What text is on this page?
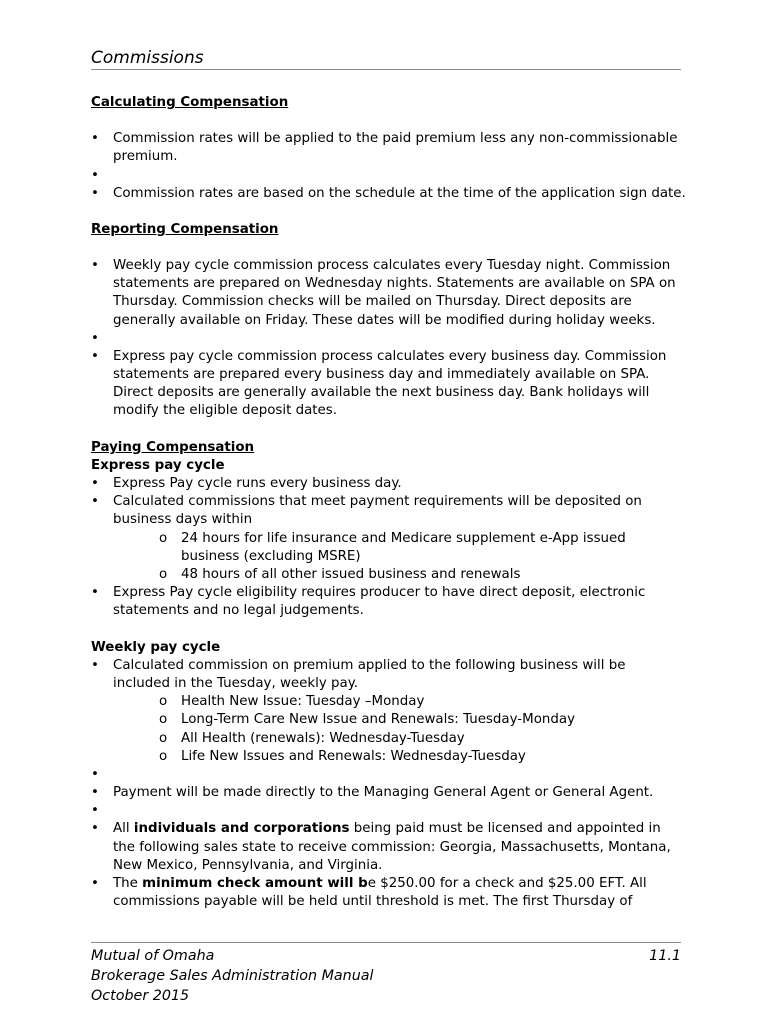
Commissions
Calculating Compensation
• Commission rates will be applied to the paid premium less any non-commissionable premium.
•
• Commission rates are based on the schedule at the time of the application sign date.
Reporting Compensation
• Weekly pay cycle commission process calculates every Tuesday night. Commission statements are prepared on Wednesday nights. Statements are available on SPA on Thursday. Commission checks will be mailed on Thursday. Direct deposits are generally available on Friday. These dates will be modified during holiday weeks.
•
• Express pay cycle commission process calculates every business day. Commission statements are prepared every business day and immediately available on SPA. Direct deposits are generally available the next business day. Bank holidays will modify the eligible deposit dates.
Paying Compensation
Express pay cycle
• Express Pay cycle runs every business day.
• Calculated commissions that meet payment requirements will be deposited on business days within
o 24 hours for life insurance and Medicare supplement e-App issued business (excluding MSRE)
o 48 hours of all other issued business and renewals
• Express Pay cycle eligibility requires producer to have direct deposit, electronic statements and no legal judgements.
Weekly pay cycle
• Calculated commission on premium applied to the following business will be included in the Tuesday, weekly pay.
o Health New Issue: Tuesday –Monday
o Long-Term Care New Issue and Renewals: Tuesday-Monday
o All Health (renewals): Wednesday-Tuesday
o Life New Issues and Renewals: Wednesday-Tuesday
•
• Payment will be made directly to the Managing General Agent or General Agent.
•
• All individuals and corporations being paid must be licensed and appointed in the following sales state to receive commission: Georgia, Massachusetts, Montana, New Mexico, Pennsylvania, and Virginia.
• The minimum check amount will be $250.00 for a check and $25.00 EFT. All commissions payable will be held until threshold is met. The first Thursday of
Mutual of Omaha	11.1
Brokerage Sales Administration Manual
October 2015
